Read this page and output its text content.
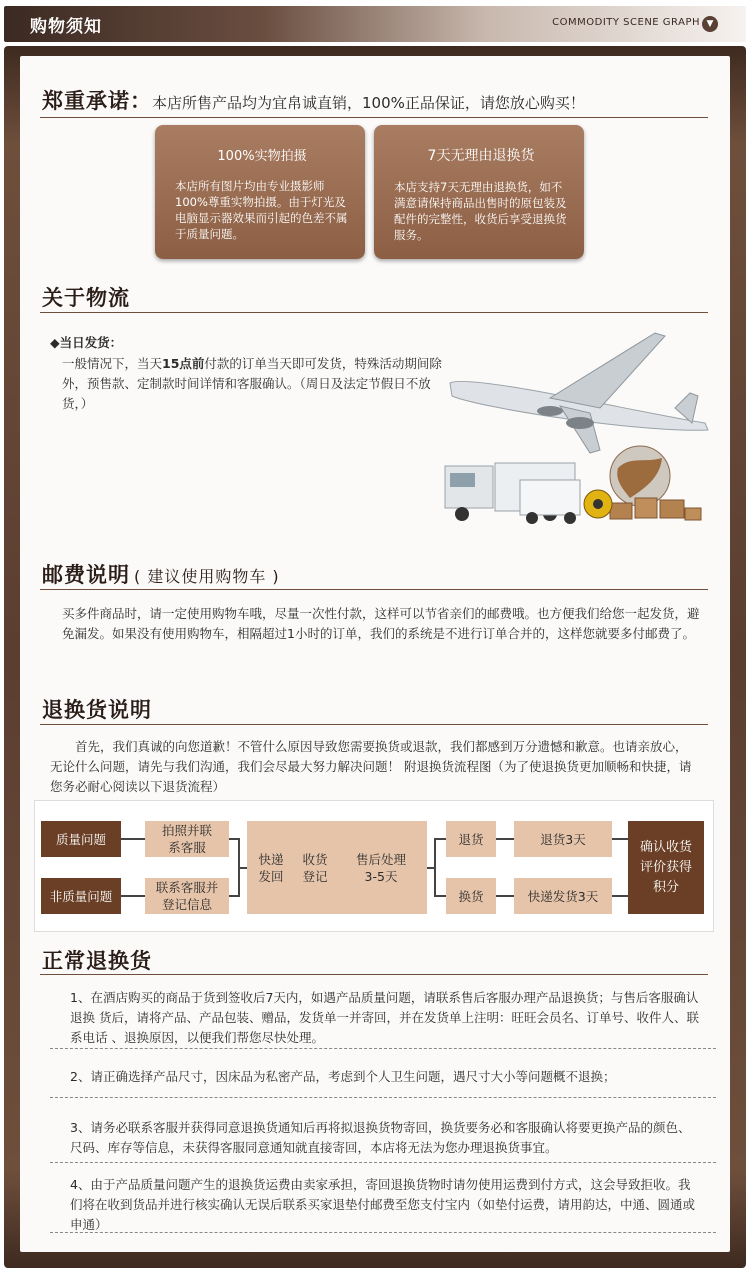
购物须知	COMMODITY SCENE GRAPH ▼
郑重承诺：本店所售产品均为宜帛诚直销，100%正品保证，请您放心购买！
100%实物拍摄
本店所有图片均由专业摄影师100%尊重实物拍摄。由于灯光及电脑显示器效果而引起的色差不属于质量问题。
7天无理由退换货
本店支持7天无理由退换货，如不满意请保持商品出售时的原包装及配件的完整性，收货后享受退换货服务。
关于物流
◆当日发货：
一般情况下，当天15点前付款的订单当天即可发货，特殊活动期间除外，预售款、定制款时间详情和客服确认。（周日及法定节假日不放货，）
邮费说明 ( 建议使用购物车 )
买多件商品时，请一定使用购物车哦，尽量一次性付款，这样可以节省亲们的邮费哦。也方便我们给您一起发货，避免漏发。如果没有使用购物车，相隔超过1小时的订单，我们的系统是不进行订单合并的，这样您就要多付邮费了。
退换货说明
首先，我们真诚的向您道歉！不管什么原因导致您需要换货或退款，我们都感到万分遗憾和歉意。也请亲放心，无论什么问题，请先与我们沟通，我们会尽最大努力解决问题！ 附退换货流程图（为了使退换货更加顺畅和快捷，请您务必耐心阅读以下退货流程）
质量问题
非质量问题
拍照并联系客服
联系客服并登记信息
快递发回
收货登记
售后处理
3-5天
退货
换货
退货3天
快递发货3天
确认收货评价获得积分
正常退换货
1、在酒店购买的商品于货到签收后7天内，如遇产品质量问题，请联系售后客服办理产品退换货；与售后客服确认退换 货后，请将产品、产品包装、赠品，发货单一并寄回，并在发货单上注明：旺旺会员名、订单号、收件人、联系电话 、退换原因，以便我们帮您尽快处理。
2、请正确选择产品尺寸，因床品为私密产品，考虑到个人卫生问题，遇尺寸大小等问题概不退换；
3、请务必联系客服并获得同意退换货通知后再将拟退换货物寄回，换货要务必和客服确认将要更换产品的颜色、尺码、库存等信息，未获得客服同意通知就直接寄回，本店将无法为您办理退换货事宜。
4、由于产品质量问题产生的退换货运费由卖家承担，寄回退换货物时请勿使用运费到付方式，这会导致拒收。我们将在收到货品并进行核实确认无误后联系买家退垫付邮费至您支付宝内（如垫付运费，请用韵达，中通、圆通或申通）
